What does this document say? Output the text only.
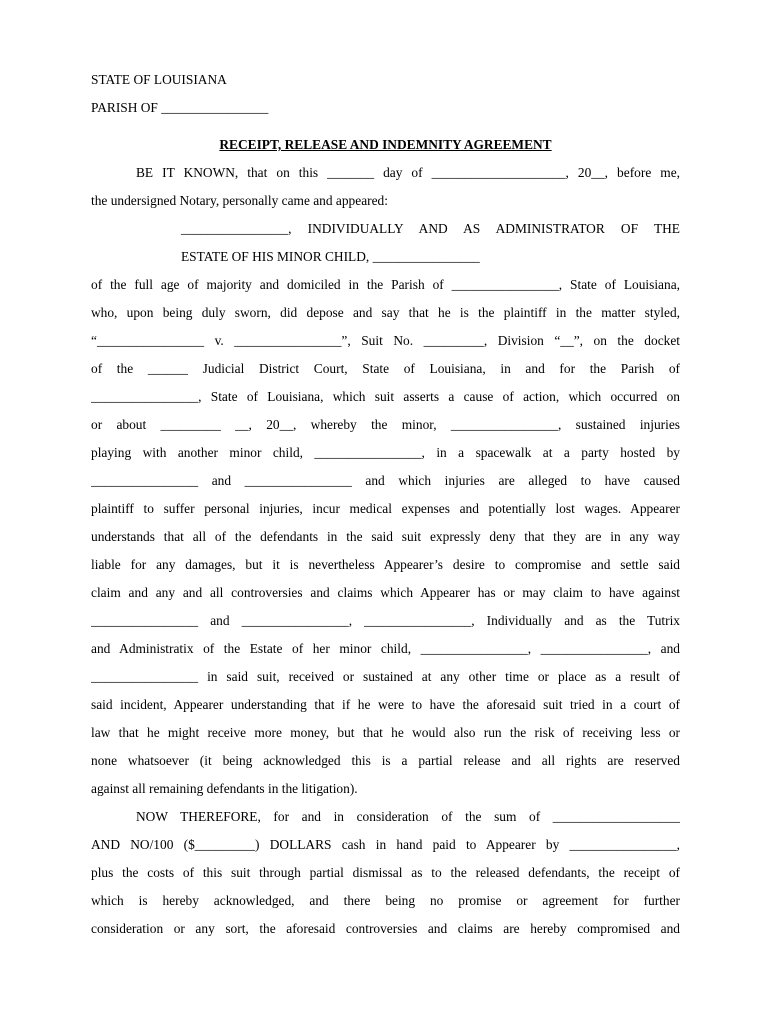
STATE OF LOUISIANA
PARISH OF ________________
RECEIPT, RELEASE AND INDEMNITY AGREEMENT
BE IT KNOWN, that on this _______ day of ____________________, 20__, before me,
the undersigned Notary, personally came and appeared:
________________, INDIVIDUALLY AND AS ADMINISTRATOR OF THE
ESTATE OF HIS MINOR CHILD, ________________
of the full age of majority and domiciled in the Parish of ________________, State of Louisiana,
who, upon being duly sworn, did depose and say that he is the plaintiff in the matter styled,
“________________ v. ________________”, Suit No. _________, Division “__”, on the docket
of the ______ Judicial District Court, State of Louisiana, in and for the Parish of
________________, State of Louisiana, which suit asserts a cause of action, which occurred on
or about _________ __, 20__, whereby the minor, ________________, sustained injuries
playing with another minor child, ________________, in a spacewalk at a party hosted by
________________ and ________________ and which injuries are alleged to have caused
plaintiff to suffer personal injuries, incur medical expenses and potentially lost wages. Appearer
understands that all of the defendants in the said suit expressly deny that they are in any way
liable for any damages, but it is nevertheless Appearer’s desire to compromise and settle said
claim and any and all controversies and claims which Appearer has or may claim to have against
________________ and ________________, ________________, Individually and as the Tutrix
and Administratix of the Estate of her minor child, ________________, ________________, and
________________ in said suit, received or sustained at any other time or place as a result of
said incident, Appearer understanding that if he were to have the aforesaid suit tried in a court of
law that he might receive more money, but that he would also run the risk of receiving less or
none whatsoever (it being acknowledged this is a partial release and all rights are reserved
against all remaining defendants in the litigation).
NOW THEREFORE, for and in consideration of the sum of ___________________
AND NO/100 ($_________) DOLLARS cash in hand paid to Appearer by ________________,
plus the costs of this suit through partial dismissal as to the released defendants, the receipt of
which is hereby acknowledged, and there being no promise or agreement for further
consideration or any sort, the aforesaid controversies and claims are hereby compromised and
